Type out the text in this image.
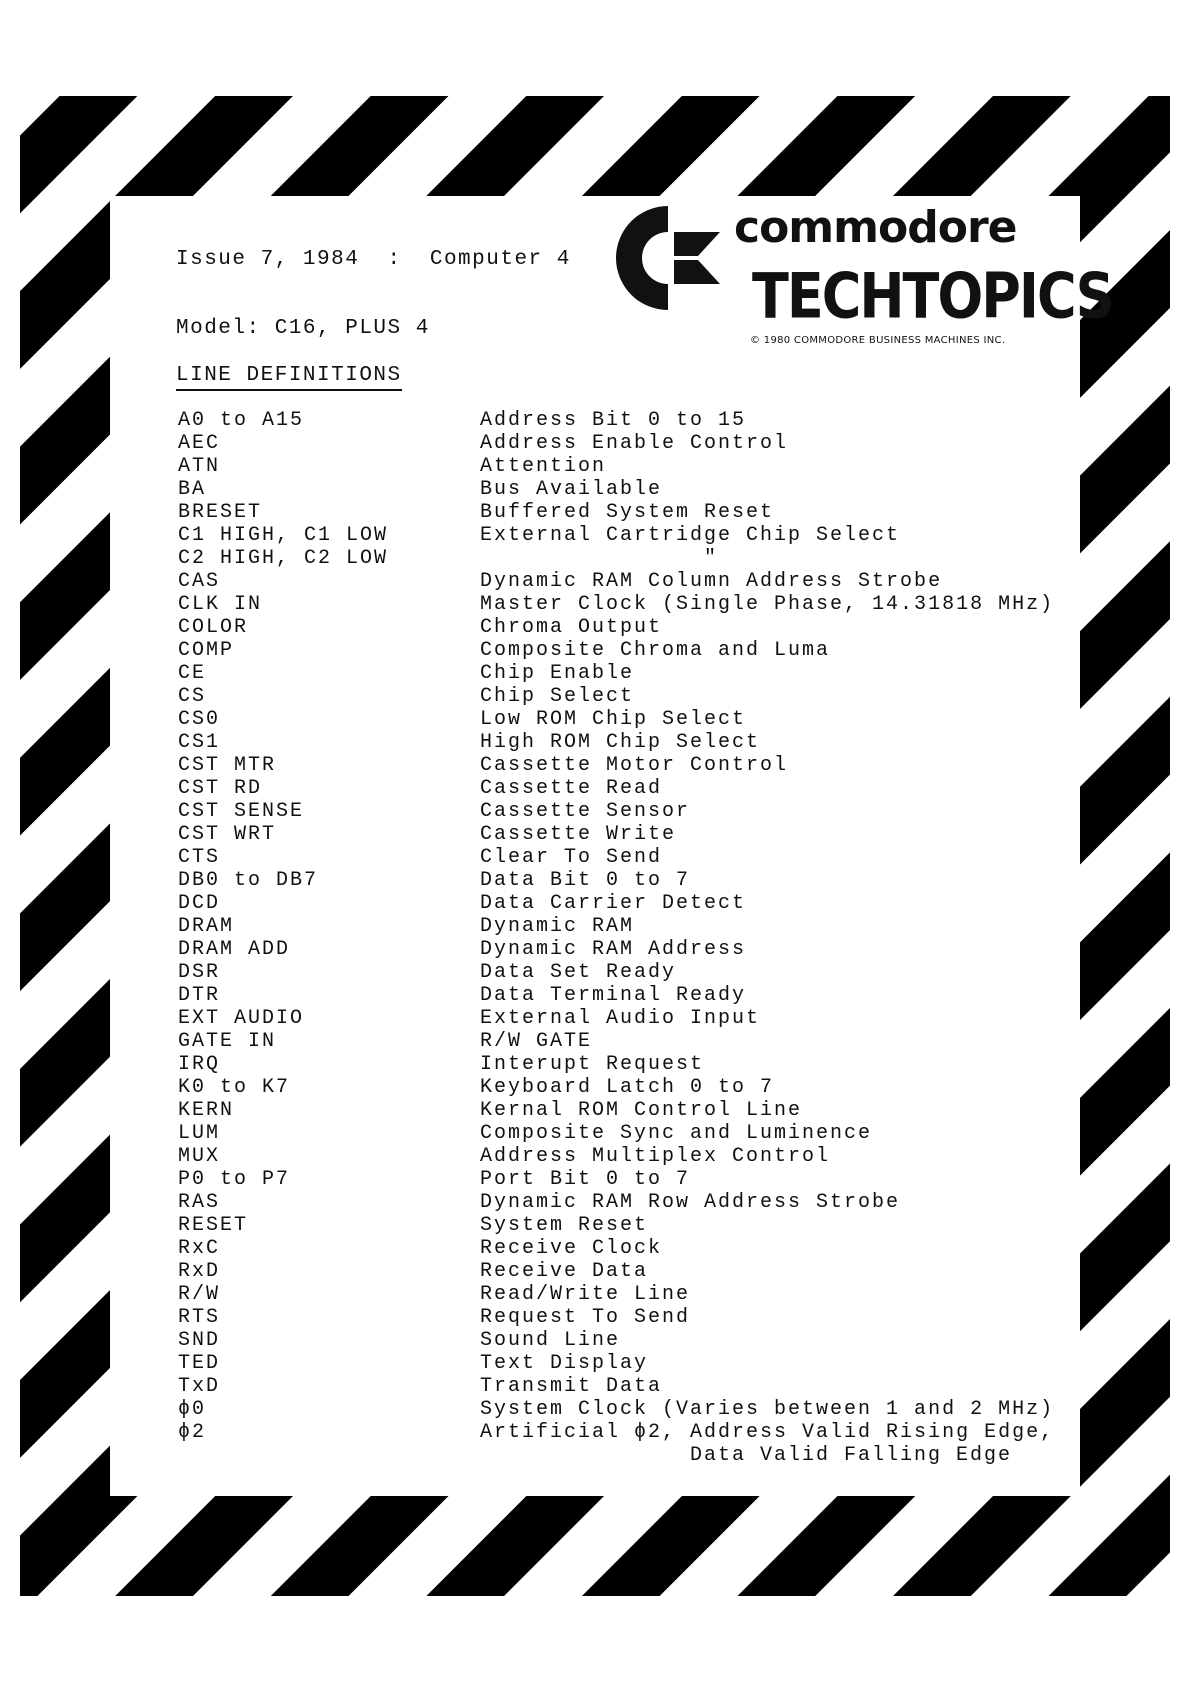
Issue 7, 1984  :  Computer 4
Model: C16, PLUS 4
LINE DEFINITIONS
commodore
TECHTOPICS
© 1980 COMMODORE BUSINESS MACHINES INC.
A0 to A15	Address Bit 0 to 15
AEC	Address Enable Control
ATN	Attention
BA	Bus Available
BRESET	Buffered System Reset
C1 HIGH, C1 LOW	External Cartridge Chip Select
C2 HIGH, C2 LOW	"
CAS	Dynamic RAM Column Address Strobe
CLK IN	Master Clock (Single Phase, 14.31818 MHz)
COLOR	Chroma Output
COMP	Composite Chroma and Luma
CE	Chip Enable
CS	Chip Select
CS0	Low ROM Chip Select
CS1	High ROM Chip Select
CST MTR	Cassette Motor Control
CST RD	Cassette Read
CST SENSE	Cassette Sensor
CST WRT	Cassette Write
CTS	Clear To Send
DB0 to DB7	Data Bit 0 to 7
DCD	Data Carrier Detect
DRAM	Dynamic RAM
DRAM ADD	Dynamic RAM Address
DSR	Data Set Ready
DTR	Data Terminal Ready
EXT AUDIO	External Audio Input
GATE IN	R/W GATE
IRQ	Interupt Request
K0 to K7	Keyboard Latch 0 to 7
KERN	Kernal ROM Control Line
LUM	Composite Sync and Luminence
MUX	Address Multiplex Control
P0 to P7	Port Bit 0 to 7
RAS	Dynamic RAM Row Address Strobe
RESET	System Reset
RxC	Receive Clock
RxD	Receive Data
R/W	Read/Write Line
RTS	Request To Send
SND	Sound Line
TED	Text Display
TxD	Transmit Data
ϕ0	System Clock (Varies between 1 and 2 MHz)
ϕ2	Artificial ϕ2, Address Valid Rising Edge,
Data Valid Falling Edge
